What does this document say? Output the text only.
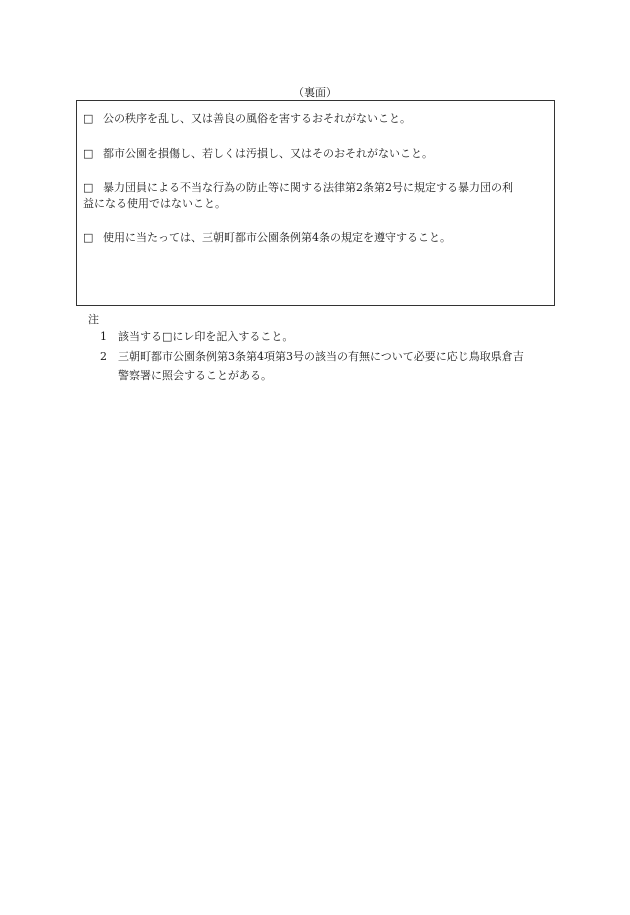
（裏面）
□ 公の秩序を乱し、又は善良の風俗を害するおそれがないこと。
□ 都市公園を損傷し、若しくは汚損し、又はそのおそれがないこと。
□ 暴力団員による不当な行為の防止等に関する法律第2条第2号に規定する暴力団の利
益になる使用ではないこと。
□ 使用に当たっては、三朝町都市公園条例第4条の規定を遵守すること。
注
1	該当する□にレ印を記入すること。
2	三朝町都市公園条例第3条第4項第3号の該当の有無について必要に応じ鳥取県倉吉
警察署に照会することがある。
